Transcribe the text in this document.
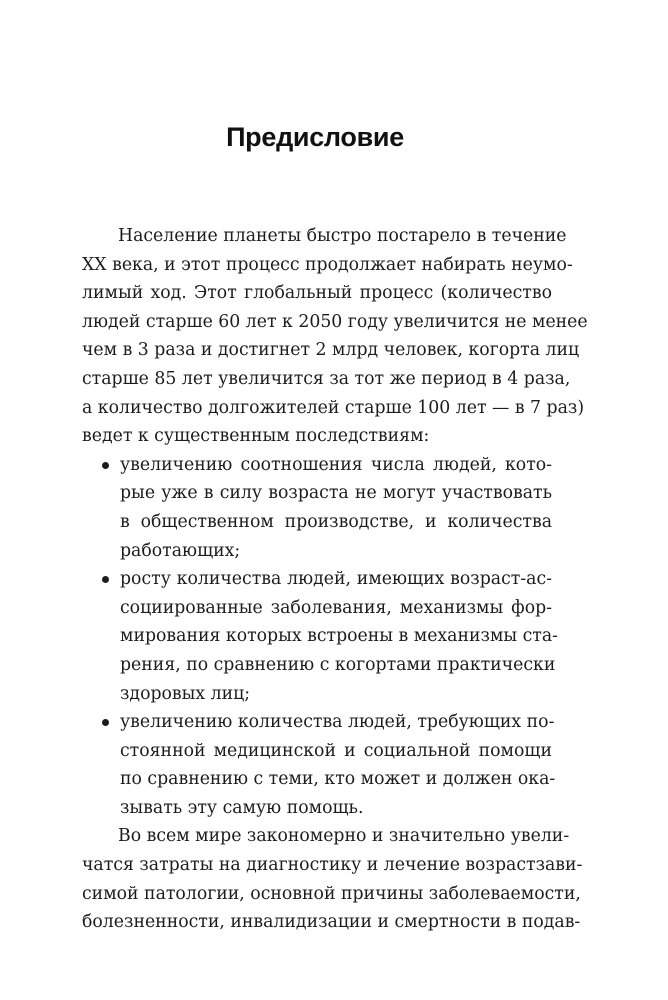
Предисловие
Население планеты быстро постарело в течение
XX века, и этот процесс продолжает набирать неумо-
лимый ход. Этот глобальный процесс (количество
людей старше 60 лет к 2050 году увеличится не менее
чем в 3 раза и достигнет 2 млрд человек, когорта лиц
старше 85 лет увеличится за тот же период в 4 раза,
а количество долгожителей старше 100 лет — в 7 раз)
ведет к существенным последствиям:
увеличению соотношения числа людей, кото-
рые уже в силу возраста не могут участвовать
в общественном производстве, и количества
работающих;
росту количества людей, имеющих возраст-ас-
социированные заболевания, механизмы фор-
мирования которых встроены в механизмы ста-
рения, по сравнению с когортами практически
здоровых лиц;
увеличению количества людей, требующих по-
стоянной медицинской и социальной помощи
по сравнению с теми, кто может и должен ока-
зывать эту самую помощь.
Во всем мире закономерно и значительно увели-
чатся затраты на диагностику и лечение возрастзави-
симой патологии, основной причины заболеваемости,
болезненности, инвалидизации и смертности в подав-
